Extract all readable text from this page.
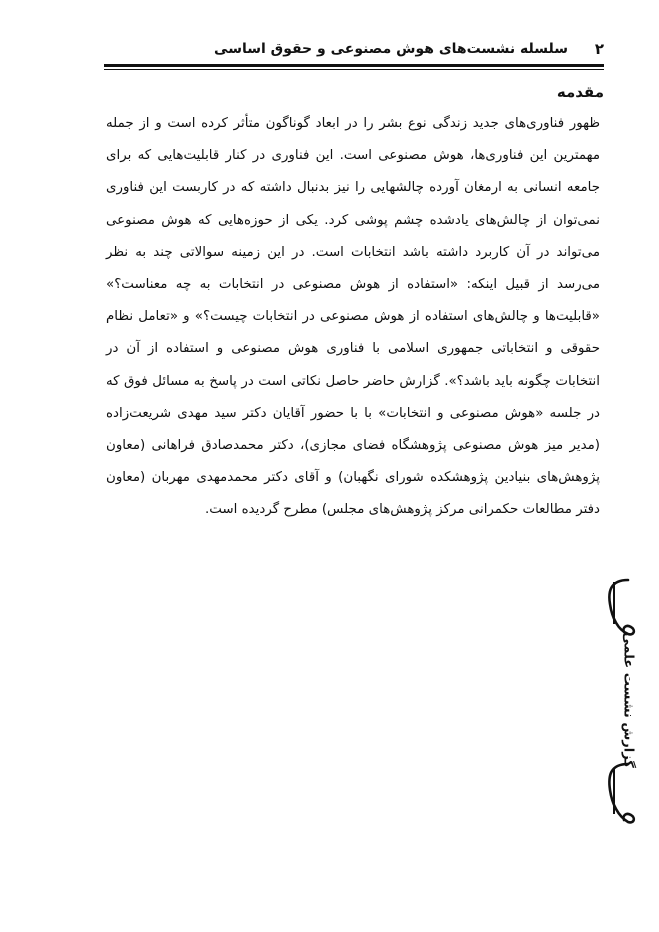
۲
سلسله نشست‌های هوش مصنوعی و حقوق اساسی
مقدمه
ظهور فناوری‌های جدید زندگی نوع بشر را در ابعاد گوناگون متأثر کرده است و از جمله مهمترین این فناوری‌ها، هوش مصنوعی است. این فناوری در کنار قابلیت‌هایی که برای جامعه انسانی به ارمغان آورده چالشهایی را نیز بدنبال داشته که در کاربست این فناوری نمی‌توان از چالش‌های یادشده چشم پوشی کرد. یکی از حوزه‌هایی که هوش مصنوعی می‌تواند در آن کاربرد داشته باشد انتخابات است. در این زمینه سوالاتی چند به نظر می‌رسد از قبیل اینکه: «استفاده از هوش مصنوعی در انتخابات به چه معناست؟» «قابلیت‌ها و چالش‌های استفاده از هوش مصنوعی در انتخابات چیست؟» و «تعامل نظام حقوقی و انتخاباتی جمهوری اسلامی با فناوری هوش مصنوعی و استفاده از آن در انتخابات چگونه باید باشد؟». گزارش حاضر حاصل نکاتی است در پاسخ به مسائل فوق که در جلسه «هوش مصنوعی و انتخابات» با با حضور آقایان دکتر سید مهدی شریعت‌زاده (مدیر میز هوش مصنوعی پژوهشگاه فضای مجازی)، دکتر محمدصادق فراهانی (معاون پژوهش‌های بنیادین پژوهشکده شورای نگهبان) و آقای دکتر محمدمهدی مهربان (معاون دفتر مطالعات حکمرانی مرکز پژوهش‌های مجلس) مطرح گردیده است.
گزارش نشست علمی
